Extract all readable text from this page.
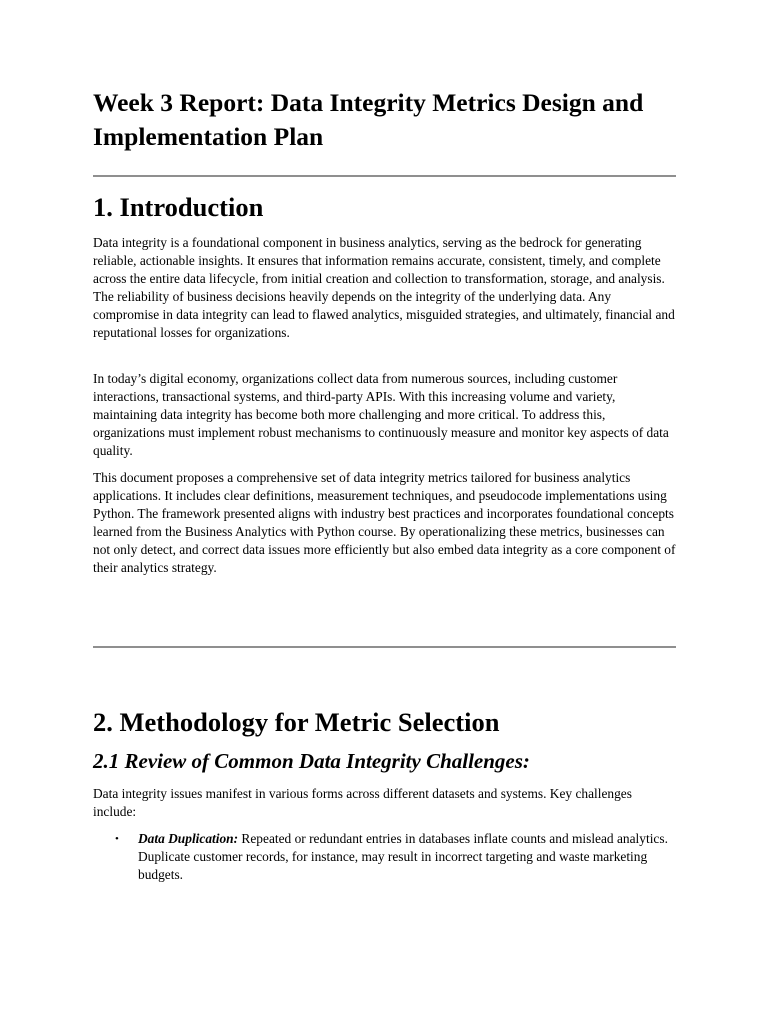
Week 3 Report: Data Integrity Metrics Design and Implementation Plan
1. Introduction

Data integrity is a foundational component in business analytics, serving as the bedrock for generating reliable, actionable insights. It ensures that information remains accurate, consistent, timely, and complete across the entire data lifecycle, from initial creation and collection to transformation, storage, and analysis. The reliability of business decisions heavily depends on the integrity of the underlying data. Any compromise in data integrity can lead to flawed analytics, misguided strategies, and ultimately, financial and reputational losses for organizations.

In today’s digital economy, organizations collect data from numerous sources, including customer interactions, transactional systems, and third-party APIs. With this increasing volume and variety, maintaining data integrity has become both more challenging and more critical. To address this, organizations must implement robust mechanisms to continuously measure and monitor key aspects of data quality.

This document proposes a comprehensive set of data integrity metrics tailored for business analytics applications. It includes clear definitions, measurement techniques, and pseudocode implementations using Python. The framework presented aligns with industry best practices and incorporates foundational concepts learned from the Business Analytics with Python course. By operationalizing these metrics, businesses can not only detect, and correct data issues more efficiently but also embed data integrity as a core component of their analytics strategy.

2. Methodology for Metric Selection
2.1 Review of Common Data Integrity Challenges:

Data integrity issues manifest in various forms across different datasets and systems. Key challenges include:

• Data Duplication: Repeated or redundant entries in databases inflate counts and mislead analytics. Duplicate customer records, for instance, may result in incorrect targeting and waste marketing budgets.
